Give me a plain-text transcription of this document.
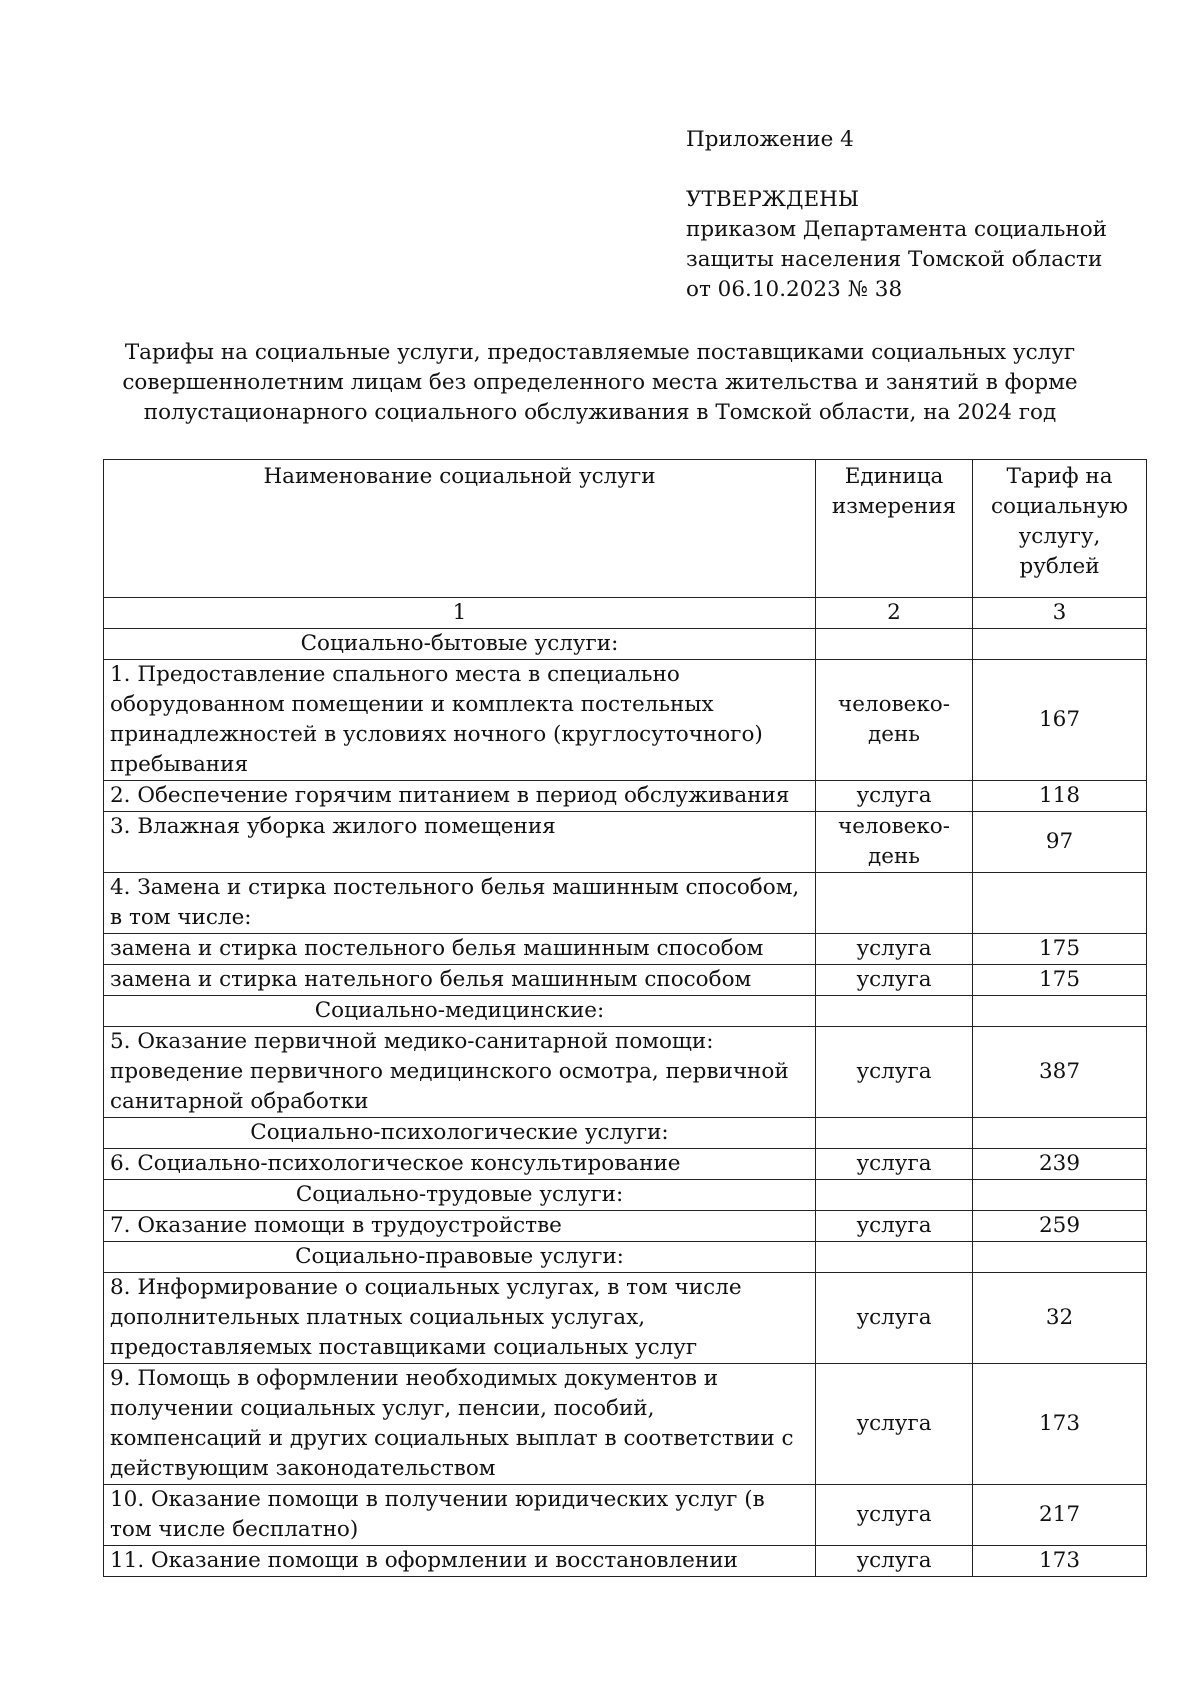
Приложение 4
УТВЕРЖДЕНЫ
приказом Департамента социальной
защиты населения Томской области
от 06.10.2023 № 38
Тарифы на социальные услуги, предоставляемые поставщиками социальных услуг
совершеннолетним лицам без определенного места жительства и занятий в форме
полустационарного социального обслуживания в Томской области, на 2024 год
Наименование социальной услуги	Единица измерения	Тариф на социальную услугу, рублей
1	2	3
Социально-бытовые услуги:		
1. Предоставление спального места в специально оборудованном помещении и комплекта постельных принадлежностей в условиях ночного (круглосуточного) пребывания	человеко-день	167
2. Обеспечение горячим питанием в период обслуживания	услуга	118
3. Влажная уборка жилого помещения	человеко-день	97
4. Замена и стирка постельного белья машинным способом, в том числе:		
замена и стирка постельного белья машинным способом	услуга	175
замена и стирка нательного белья машинным способом	услуга	175
Социально-медицинские:		
5. Оказание первичной медико-санитарной помощи: проведение первичного медицинского осмотра, первичной санитарной обработки	услуга	387
Социально-психологические услуги:		
6. Социально-психологическое консультирование	услуга	239
Социально-трудовые услуги:		
7. Оказание помощи в трудоустройстве	услуга	259
Социально-правовые услуги:		
8. Информирование о социальных услугах, в том числе дополнительных платных социальных услугах, предоставляемых поставщиками социальных услуг	услуга	32
9. Помощь в оформлении необходимых документов и получении социальных услуг, пенсии, пособий, компенсаций и других социальных выплат в соответствии с действующим законодательством	услуга	173
10. Оказание помощи в получении юридических услуг (в том числе бесплатно)	услуга	217
11. Оказание помощи в оформлении и восстановлении	услуга	173
